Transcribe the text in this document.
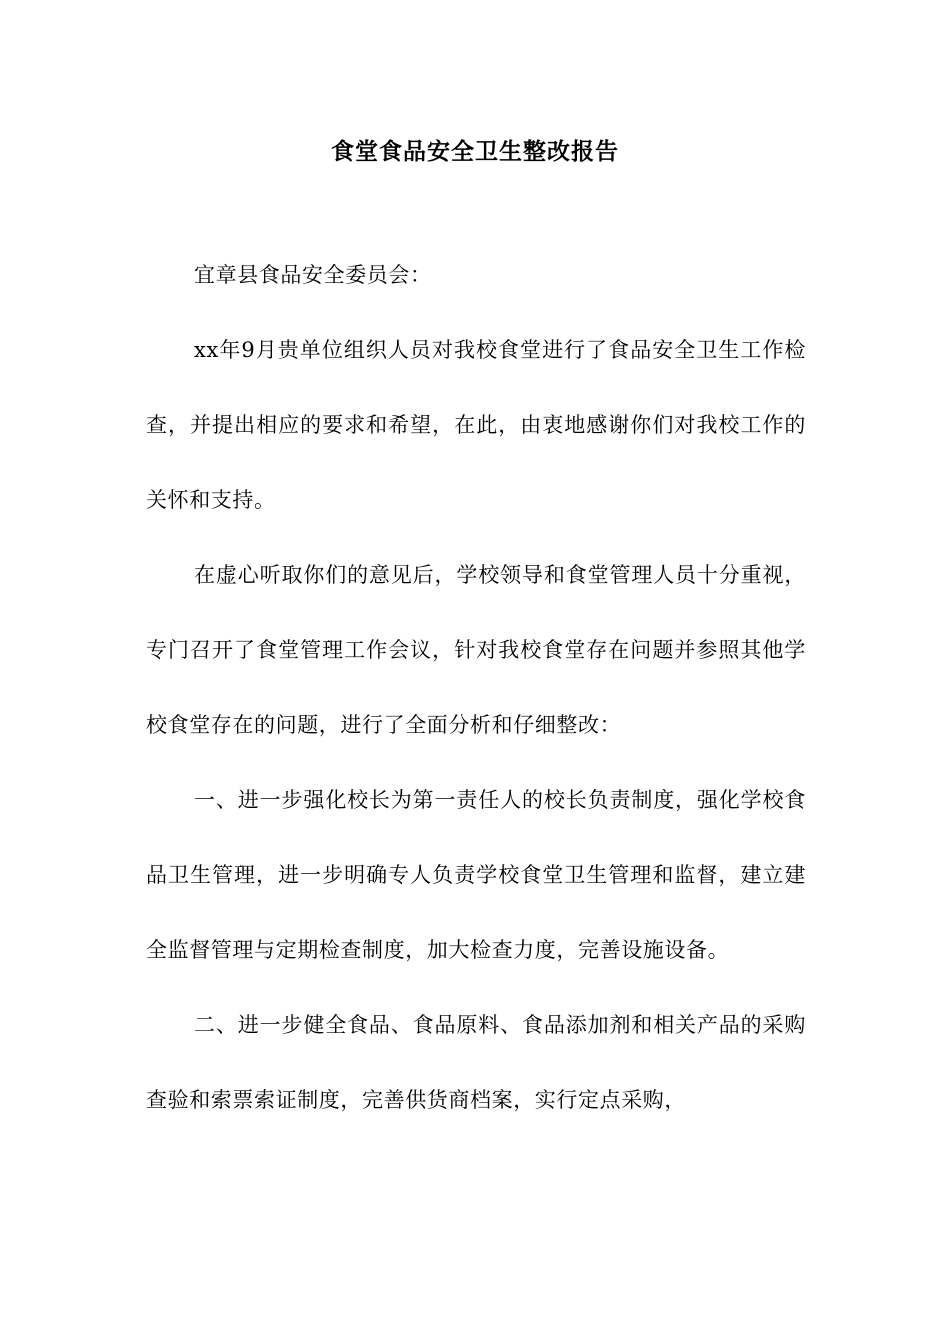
食堂食品安全卫生整改报告

宜章县食品安全委员会：

xx年9月贵单位组织人员对我校食堂进行了食品安全卫生工作检查，并提出相应的要求和希望，在此，由衷地感谢你们对我校工作的关怀和支持。

在虚心听取你们的意见后，学校领导和食堂管理人员十分重视，专门召开了食堂管理工作会议，针对我校食堂存在问题并参照其他学校食堂存在的问题，进行了全面分析和仔细整改：

一、进一步强化校长为第一责任人的校长负责制度，强化学校食品卫生管理，进一步明确专人负责学校食堂卫生管理和监督，建立建全监督管理与定期检查制度，加大检查力度，完善设施设备。

二、进一步健全食品、食品原料、食品添加剂和相关产品的采购查验和索票索证制度，完善供货商档案，实行定点采购，
